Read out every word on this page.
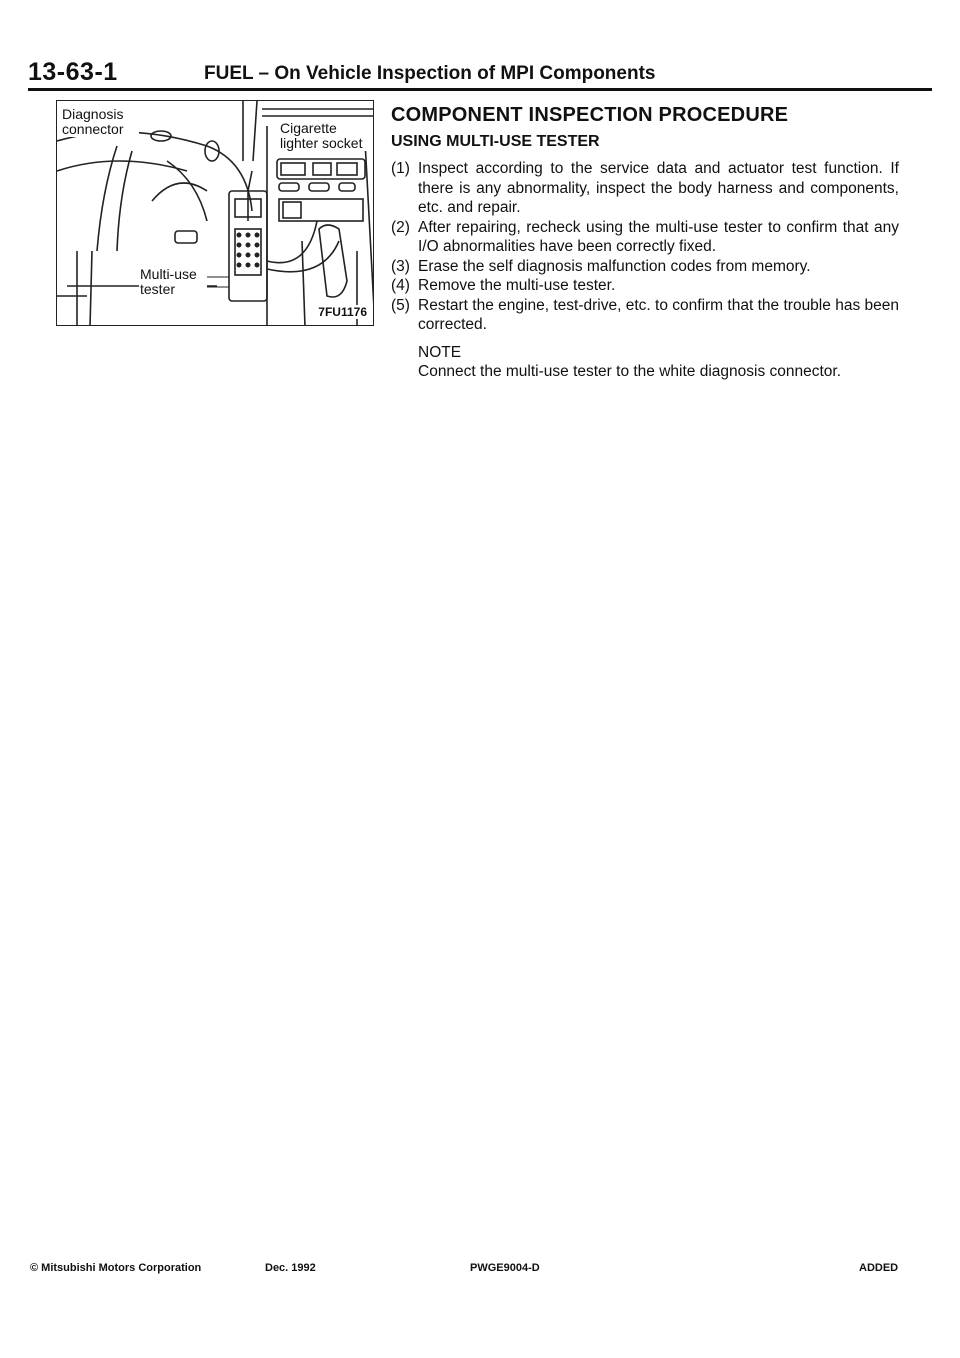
13-63-1	FUEL – On Vehicle Inspection of MPI Components
Diagnosis connector	Cigarette lighter socket
Multi-use tester
7FU1176
COMPONENT INSPECTION PROCEDURE
USING MULTI-USE TESTER
(1) Inspect according to the service data and actuator test function. If there is any abnormality, inspect the body harness and components, etc. and repair.
(2) After repairing, recheck using the multi-use tester to confirm that any I/O abnormalities have been correctly fixed.
(3) Erase the self diagnosis malfunction codes from memory.
(4) Remove the multi-use tester.
(5) Restart the engine, test-drive, etc. to confirm that the trouble has been corrected.
NOTE
Connect the multi-use tester to the white diagnosis connector.
© Mitsubishi Motors Corporation	Dec. 1992	PWGE9004-D	ADDED
